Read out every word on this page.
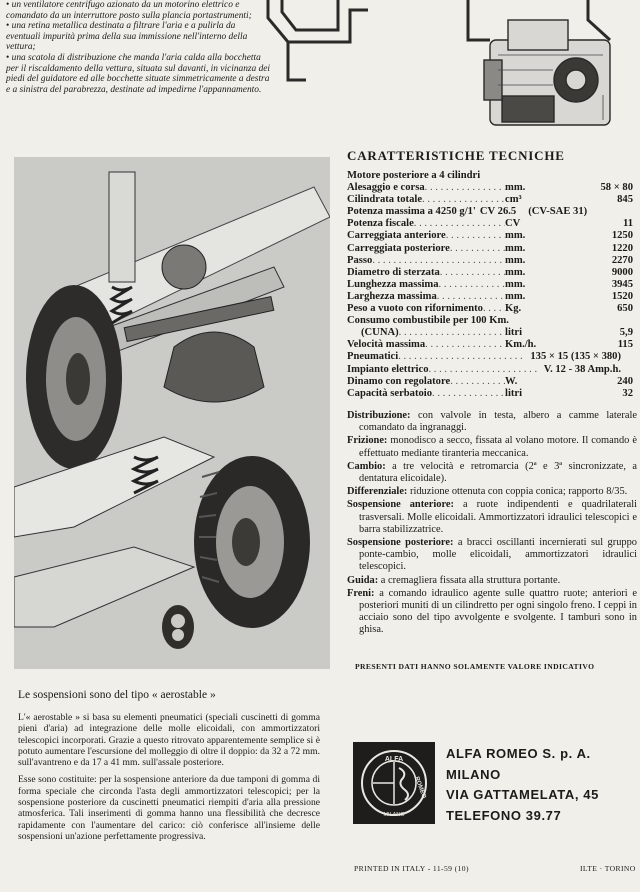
• un ventilatore centrifugo azionato da un motorino elettrico e comandato da un interruttore posto sulla plancia portastrumenti;

• una retina metallica destinata a filtrare l'aria e a pulirla da eventuali impurità prima della sua immissione nell'interno della vettura;

• una scatola di distribuzione che manda l'aria calda alla bocchetta per il riscaldamento della vettura, situata sul davanti, in vicinanza dei piedi del guidatore ed alle bocchette situate simmetricamente a destra e a sinistra del parabrezza, destinate ad impedirne l'appannamento.

CARATTERISTICHE TECNICHE
Motore posteriore a 4 cilindri
Alesaggio e corsa . . .	mm.	58 × 80
Cilindrata totale . . .	cm³	845
Potenza massima a 4250 g/1' CV 26.5	(CV-SAE 31)
Potenza fiscale . . .	CV	11
Carreggiata anteriore . . .	mm.	1250
Carreggiata posteriore . . .	mm.	1220
Passo . . .	mm.	2270
Diametro di sterzata . . .	mm.	9000
Lunghezza massima . . .	mm.	3945
Larghezza massima . . .	mm.	1520
Peso a vuoto con rifornimento . . . Kg.	650
Consumo combustibile per 100 Km.
(CUNA) . . .	litri	5,9
Velocità massima . . .	Km./h.	115
Pneumatici . . .	135 × 15 (135 × 380)
Impianto elettrico . . .	V. 12 - 38 Amp.h.
Dinamo con regolatore . . .	W.	240
Capacità serbatoio . . .	litri	32

Distribuzione: con valvole in testa, albero a camme laterale comandato da ingranaggi.

Frizione: monodisco a secco, fissata al volano motore. Il comando è effettuato mediante tiranteria meccanica.

Cambio: a tre velocità e retromarcia (2ª e 3ª sincronizzate, a dentatura elicoidale).

Differenziale: riduzione ottenuta con coppia conica; rapporto 8/35.

Sospensione anteriore: a ruote indipendenti e quadrilaterali trasversali. Molle elicoidali. Ammortizzatori idraulici telescopici e barra stabilizzatrice.

Sospensione posteriore: a bracci oscillanti incernierati sul gruppo ponte-cambio, molle elicoidali, ammortizzatori idraulici telescopici.

Guida: a cremagliera fissata alla struttura portante.

Freni: a comando idraulico agente sulle quattro ruote; anteriori e posteriori muniti di un cilindretto per ogni singolo freno. I ceppi in acciaio sono del tipo avvolgente e svolgente. I tamburi sono in ghisa.

PRESENTI DATI HANNO SOLAMENTE VALORE INDICATIVO
Le sospensioni sono del tipo « aerostable »

L'« aerostable » si basa su elementi pneumatici (speciali cuscinetti di gomma pieni d'aria) ad integrazione delle molle elicoidali, con ammortizzatori telescopici incorporati. Grazie a questo ritrovato apparentemente semplice si è potuto aumentare l'escursione del molleggio di oltre il doppio: da 32 a 72 mm. sull'avantreno e da 17 a 41 mm. sull'assale posteriore.

Esse sono costituite: per la sospensione anteriore da due tamponi di gomma di forma speciale che circonda l'asta degli ammortizzatori telescopici; per la sospensione posteriore da cuscinetti pneumatici riempiti d'aria alla pressione atmosferica. Tali inserimenti di gomma hanno una flessibilità che decresce rapidamente con l'aumentare del carico: ciò conferisce all'insieme delle sospensioni un'azione perfettamente progressiva.

ALFA
MILANO
ROMEO
ALFA ROMEO S. p. A.
MILANO
VIA GATTAMELATA, 45
TELEFONO 39.77
PRINTED IN ITALY - 11-59 (10)	ILTE · TORINO
